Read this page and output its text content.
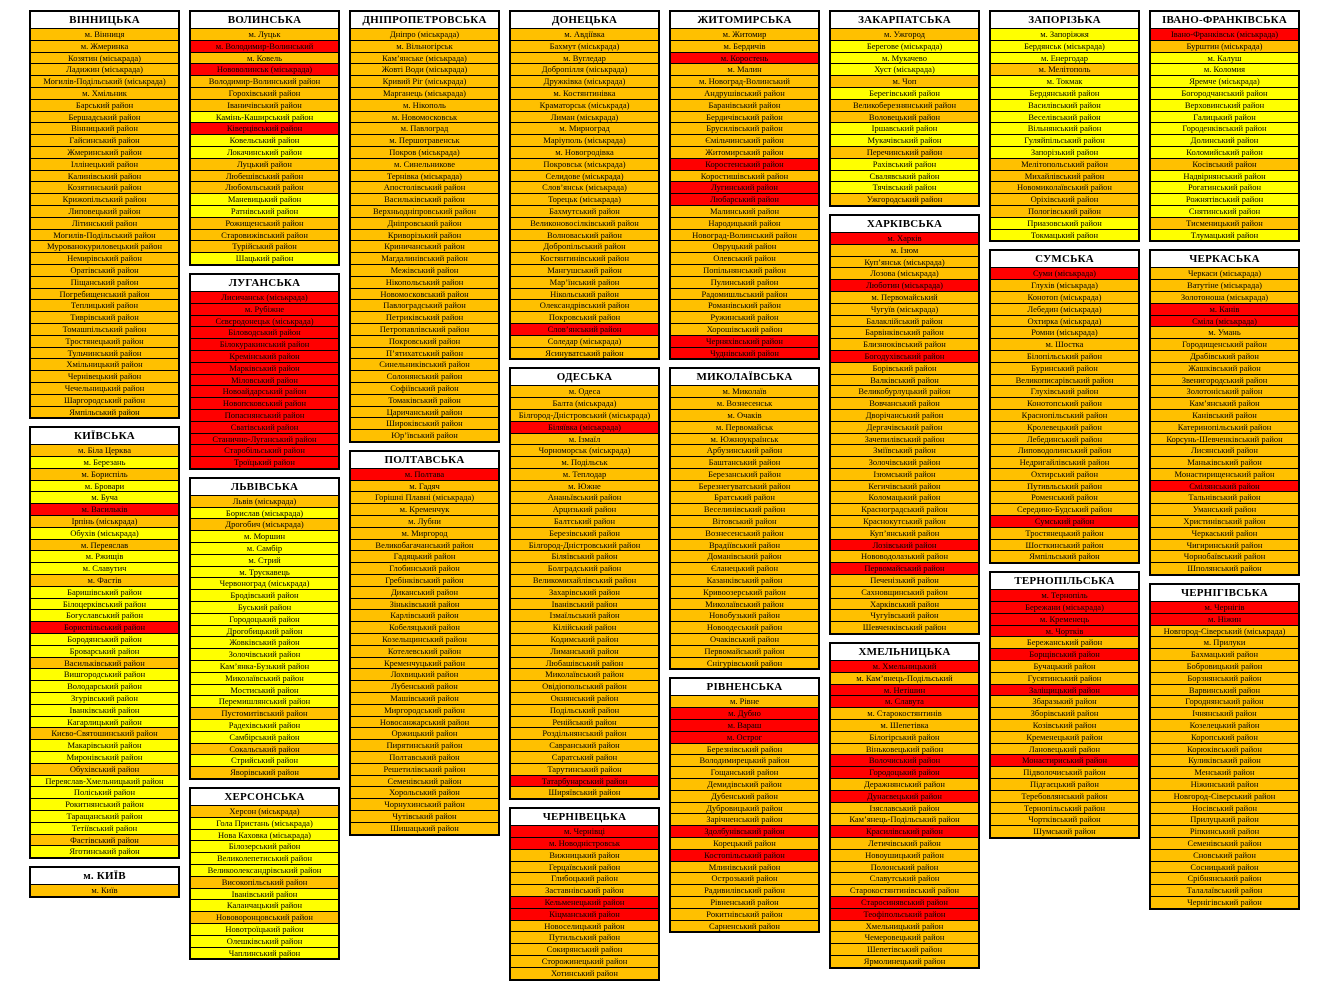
ВІННИЦЬКА
м. Вінниця
м. Жмеринка
Козятин (міськрада)
Ладижин (міськрада)
Могилів-Подільський (міськрада)
м. Хмільник
Барський район
Бершадський район
Вінницький район
Гайсинський район
Жмеринський район
Іллінецький район
Калинівський район
Козятинський район
Крижопільський район
Липовецький район
Літинський район
Могилів-Подільський район
Мурованокуриловецький район
Немирівський район
Оратівський район
Піщанський район
Погребищенський район
Теплицький район
Тиврівський район
Томашпільський район
Тростянецький район
Тульчинський район
Хмільницький район
Чернівецький район
Чечельницький район
Шаргородський район
Ямпільський район
КИЇВСЬКА
м. Біла Церква
м. Березань
м. Бориспіль
м. Бровари
м. Буча
м. Васильків
Ірпінь (міськрада)
Обухів (міськрада)
м. Переяслав
м. Ржищів
м. Славутич
м. Фастів
Баришівський район
Білоцерківський район
Богуславський район
Бориспільський район
Бородянський район
Броварський район
Васильківський район
Вишгородський район
Володарський район
Згурівський район
Іванківський район
Кагарлицький район
Києво-Святошинський район
Макарівський район
Миронівський район
Обухівський район
Переяслав-Хмельницький район
Поліський район
Рокитнянський район
Таращанський район
Тетіївський район
Фастівський район
Яготинський район
м. КИЇВ
м. Київ
ВОЛИНСЬКА
м. Луцьк
м. Володимир-Волинський
м. Ковель
Нововолинськ (міськрада)
Володимир-Волинський район
Горохівський район
Іваничівський район
Камінь-Каширський район
Ківерцівський район
Ковельський район
Локачинський район
Луцький район
Любешівський район
Любомльський район
Маневицький район
Ратнівський район
Рожищенський район
Старовижівський район
Турійський район
Шацький район
ЛУГАНСЬКА
Лисичанськ (міськрада)
м. Рубіжне
Сєвєродонецьк (міськрада)
Біловодський район
Білокуракинський район
Кремінський район
Марківський район
Міловський район
Новоайдарський район
Новопсковський район
Попаснянський район
Сватівський район
Станично-Луганський район
Старобільський район
Троїцький район
ЛЬВІВСЬКА
Львів (міськрада)
Борислав (міськрада)
Дрогобич (міськрада)
м. Моршин
м. Самбір
м. Стрий
м. Трускавець
Червоноград (міськрада)
Бродівський район
Буський район
Городоцький район
Дрогобицький район
Жовківський район
Золочівський район
Кам’янка-Бузький район
Миколаївський район
Мостиський район
Перемишлянський район
Пустомитівський район
Радехівський район
Самбірський район
Сокальський район
Стрийський район
Яворівський район
ХЕРСОНСЬКА
Херсон (міськрада)
Гола Пристань (міськрада)
Нова Каховка (міськрада)
Білозерський район
Великолепетиський район
Великоолександрівський район
Високопільський район
Іванівський район
Каланчацький район
Нововоронцовський район
Новотроїцький район
Олешківський район
Чаплинський район
ДНІПРОПЕТРОВСЬКА
Дніпро (міськрада)
м. Вільногірськ
Кам’янське (міськрада)
Жовті Води (міськрада)
Кривий Ріг (міськрада)
Марганець (міськрада)
м. Нікополь
м. Новомосковськ
м. Павлоград
м. Першотравенськ
Покров (міськрада)
м. Синельникове
Тернівка (міськрада)
Апостолівський район
Васильківський район
Верхньодніпровський район
Дніпровський район
Криворізький район
Криничанський район
Магдалинівський район
Межівський район
Нікопольський район
Новомосковський район
Павлоградський район
Петриківський район
Петропавлівський район
Покровський район
П’ятихатський район
Синельниківський район
Солонянський район
Софіївський район
Томаківський район
Царичанський район
Широківський район
Юр’ївський район
ПОЛТАВСЬКА
м. Полтава
м. Гадяч
Горішні Плавні (міськрада)
м. Кременчук
м. Лубни
м. Миргород
Великобагачанський район
Гадяцький район
Глобинський район
Гребінківський район
Диканський район
Зіньківський район
Карлівський район
Кобеляцький район
Козельщинський район
Котелевський район
Кременчуцький район
Лохвицький район
Лубенський район
Машівський район
Миргородський район
Новосанжарський район
Оржицький район
Пирятинський район
Полтавський район
Решетилівський район
Семенівський район
Хорольський район
Чорнухинський район
Чутівський район
Шишацький район
ДОНЕЦЬКА
м. Авдіївка
Бахмут (міськрада)
м. Вугледар
Добропілля (міськрада)
Дружківка (міськрада)
м. Костянтинівка
Краматорськ (міськрада)
Лиман (міськрада)
м. Мирноград
Маріуполь (міськрада)
м. Новогродівка
Покровськ (міськрада)
Селидове (міськрада)
Слов’янськ (міськрада)
Торецьк (міськрада)
Бахмутський район
Великоновосілківський район
Волноваський район
Добропільський район
Костянтинівський район
Мангушський район
Мар’їнський район
Нікольський район
Олександрівський район
Покровський район
Слов’янський район
Соледар (міськрада)
Ясинуватський район
ОДЕСЬКА
м. Одеса
Балта (міськрада)
Білгород-Дністровський (міськрада)
Біляївка (міськрада)
м. Ізмаїл
Чорноморськ (міськрада)
м. Подільськ
м. Теплодар
м. Южне
Ананьївський район
Арцизький район
Балтський район
Березівський район
Білгород-Дністровський район
Біляївський район
Болградський район
Великомихайлівський район
Захарівський район
Іванівський район
Ізмаїльський район
Кілійський район
Кодимський район
Лиманський район
Любашівський район
Миколаївський район
Овідіопольський район
Окнянський район
Подільський район
Ренійський район
Роздільнянський район
Савранський район
Саратський район
Тарутинський район
Татарбунарський район
Ширяївський район
ЧЕРНІВЕЦЬКА
м. Чернівці
м. Новодністровськ
Вижницький район
Герцаївський район
Глибоцький район
Заставнівський район
Кельменецький район
Кіцманський район
Новоселицький район
Путильський район
Сокирянський район
Сторожинецький район
Хотинський район
ЖИТОМИРСЬКА
м. Житомир
м. Бердичів
м. Коростень
м. Малин
м. Новоград-Волинський
Андрушівський район
Баранівський район
Бердичівський район
Брусилівський район
Ємільчинський район
Житомирський район
Коростенський район
Коростишівський район
Лугинський район
Любарський район
Малинський район
Народицький район
Новоград-Волинський район
Овруцький район
Олевський район
Попільнянський район
Пулинський район
Радомишльський район
Романівський район
Ружинський район
Хорошівський район
Черняхівський район
Чуднівський район
МИКОЛАЇВСЬКА
м. Миколаїв
м. Вознесенськ
м. Очаків
м. Первомайськ
м. Южноукраїнськ
Арбузинський район
Баштанський район
Березанський район
Березнегуватський район
Братський район
Веселинівський район
Вітовський район
Вознесенський район
Врадіївський район
Доманівський район
Єланецький район
Казанківський район
Кривоозерський район
Миколаївський район
Новобузький район
Новоодеський район
Очаківський район
Первомайський район
Снігурівський район
РІВНЕНСЬКА
м. Рівне
м. Дубно
м. Вараш
м. Острог
Березнівський район
Володимирецький район
Гощанський район
Демидівський район
Дубенський район
Дубровицький район
Зарічненський район
Здолбунівський район
Корецький район
Костопільський район
Млинівський район
Острозький район
Радивилівський район
Рівненський район
Рокитнівський район
Сарненський район
ЗАКАРПАТСЬКА
м. Ужгород
Берегове (міськрада)
м. Мукачево
Хуст (міськрада)
м. Чоп
Берегівський район
Великоберезнянський район
Воловецький район
Іршавський район
Мукачівський район
Перечинський район
Рахівський район
Свалявський район
Тячівський район
Ужгородський район
ХАРКІВСЬКА
м. Харків
м. Ізюм
Куп’янськ (міськрада)
Лозова (міськрада)
Люботин (міськрада)
м. Первомайський
Чугуїв (міськрада)
Балаклійський район
Барвінківський район
Близнюківський район
Богодухівський район
Борівський район
Валківський район
Великобурлуцький район
Вовчанський район
Дворічанський район
Дергачівський район
Зачепилівський район
Зміївський район
Золочівський район
Ізюмський район
Кегичівський район
Коломацький район
Красноградський район
Краснокутський район
Куп’янський район
Лозівський район
Нововодолазький район
Первомайський район
Печенізький район
Сахновщинський район
Харківський район
Чугуївський район
Шевченківський район
ХМЕЛЬНИЦЬКА
м. Хмельницький
м. Кам’янець-Подільський
м. Нетішин
м. Славута
м. Старокостянтинів
м. Шепетівка
Білогірський район
Віньковецький район
Волочиський район
Городоцький район
Деражнянський район
Дунаєвецький район
Ізяславський район
Кам’янець-Подільський район
Красилівський район
Летичівський район
Новоушицький район
Полонський район
Славутський район
Старокостянтинівський район
Старосинявський район
Теофіпольський район
Хмельницький район
Чемеровецький район
Шепетівський район
Ярмолинецький район
ЗАПОРІЗЬКА
м. Запоріжжя
Бердянськ (міськрада)
м. Енергодар
м. Мелітополь
м. Токмак
Бердянський район
Василівський район
Веселівський район
Вільнянський район
Гуляйпільський район
Запорізький район
Мелітопольський район
Михайлівський район
Новомиколаївський район
Оріхівський район
Пологівський район
Приазовський район
Токмацький район
СУМСЬКА
Суми (міськрада)
Глухів (міськрада)
Конотоп (міськрада)
Лебедин (міськрада)
Охтирка (міськрада)
Ромни (міськрада)
м. Шостка
Білопільський район
Буринський район
Великописарівський район
Глухівський район
Конотопський район
Краснопільський район
Кролевецький район
Лебединський район
Липоводолинський район
Недригайлівський район
Охтирський район
Путивльський район
Роменський район
Середино-Будський район
Сумський район
Тростянецький район
Шосткинський район
Ямпільський район
ТЕРНОПІЛЬСЬКА
м. Тернопіль
Бережани (міськрада)
м. Кременець
м. Чортків
Бережанський район
Борщівський район
Бучацький район
Гусятинський район
Заліщицький район
Збаразький район
Зборівський район
Козівський район
Кременецький район
Лановецький район
Монастириський район
Підволочиський район
Підгаєцький район
Теребовлянський район
Тернопільський район
Чортківський район
Шумський район
ІВАНО-ФРАНКІВСЬКА
Івано-Франківськ (міськрада)
Бурштин (міськрада)
м. Калуш
м. Коломия
Яремче (міськрада)
Богородчанський район
Верховинський район
Галицький район
Городенківський район
Долинський район
Коломийський район
Косівський район
Надвірнянський район
Рогатинський район
Рожнятівський район
Снятинський район
Тисменицький район
Тлумацький район
ЧЕРКАСЬКА
Черкаси (міськрада)
Ватутіне (міськрада)
Золотоноша (міськрада)
м. Канів
Сміла (міськрада)
м. Умань
Городищенський район
Драбівський район
Жашківський район
Звенигородський район
Золотоніський район
Кам’янський район
Канівський район
Катеринопільський район
Корсунь-Шевченківський район
Лисянський район
Маньківський район
Монастирищенський район
Смілянський район
Тальнівський район
Уманський район
Христинівський район
Черкаський район
Чигиринський район
Чорнобаївський район
Шполянський район
ЧЕРНІГІВСЬКА
м. Чернігів
м. Ніжин
Новгород-Сіверський (міськрада)
м. Прилуки
Бахмацький район
Бобровицький район
Борзнянський район
Варвинський район
Городнянський район
Ічнянський район
Козелецький район
Коропський район
Корюківський район
Куликівський район
Менський район
Ніжинський район
Новгород-Сіверський район
Носівський район
Прилуцький район
Ріпкинський район
Семенівський район
Сновський район
Сосницький район
Срібнянський район
Талалаївський район
Чернігівський район
